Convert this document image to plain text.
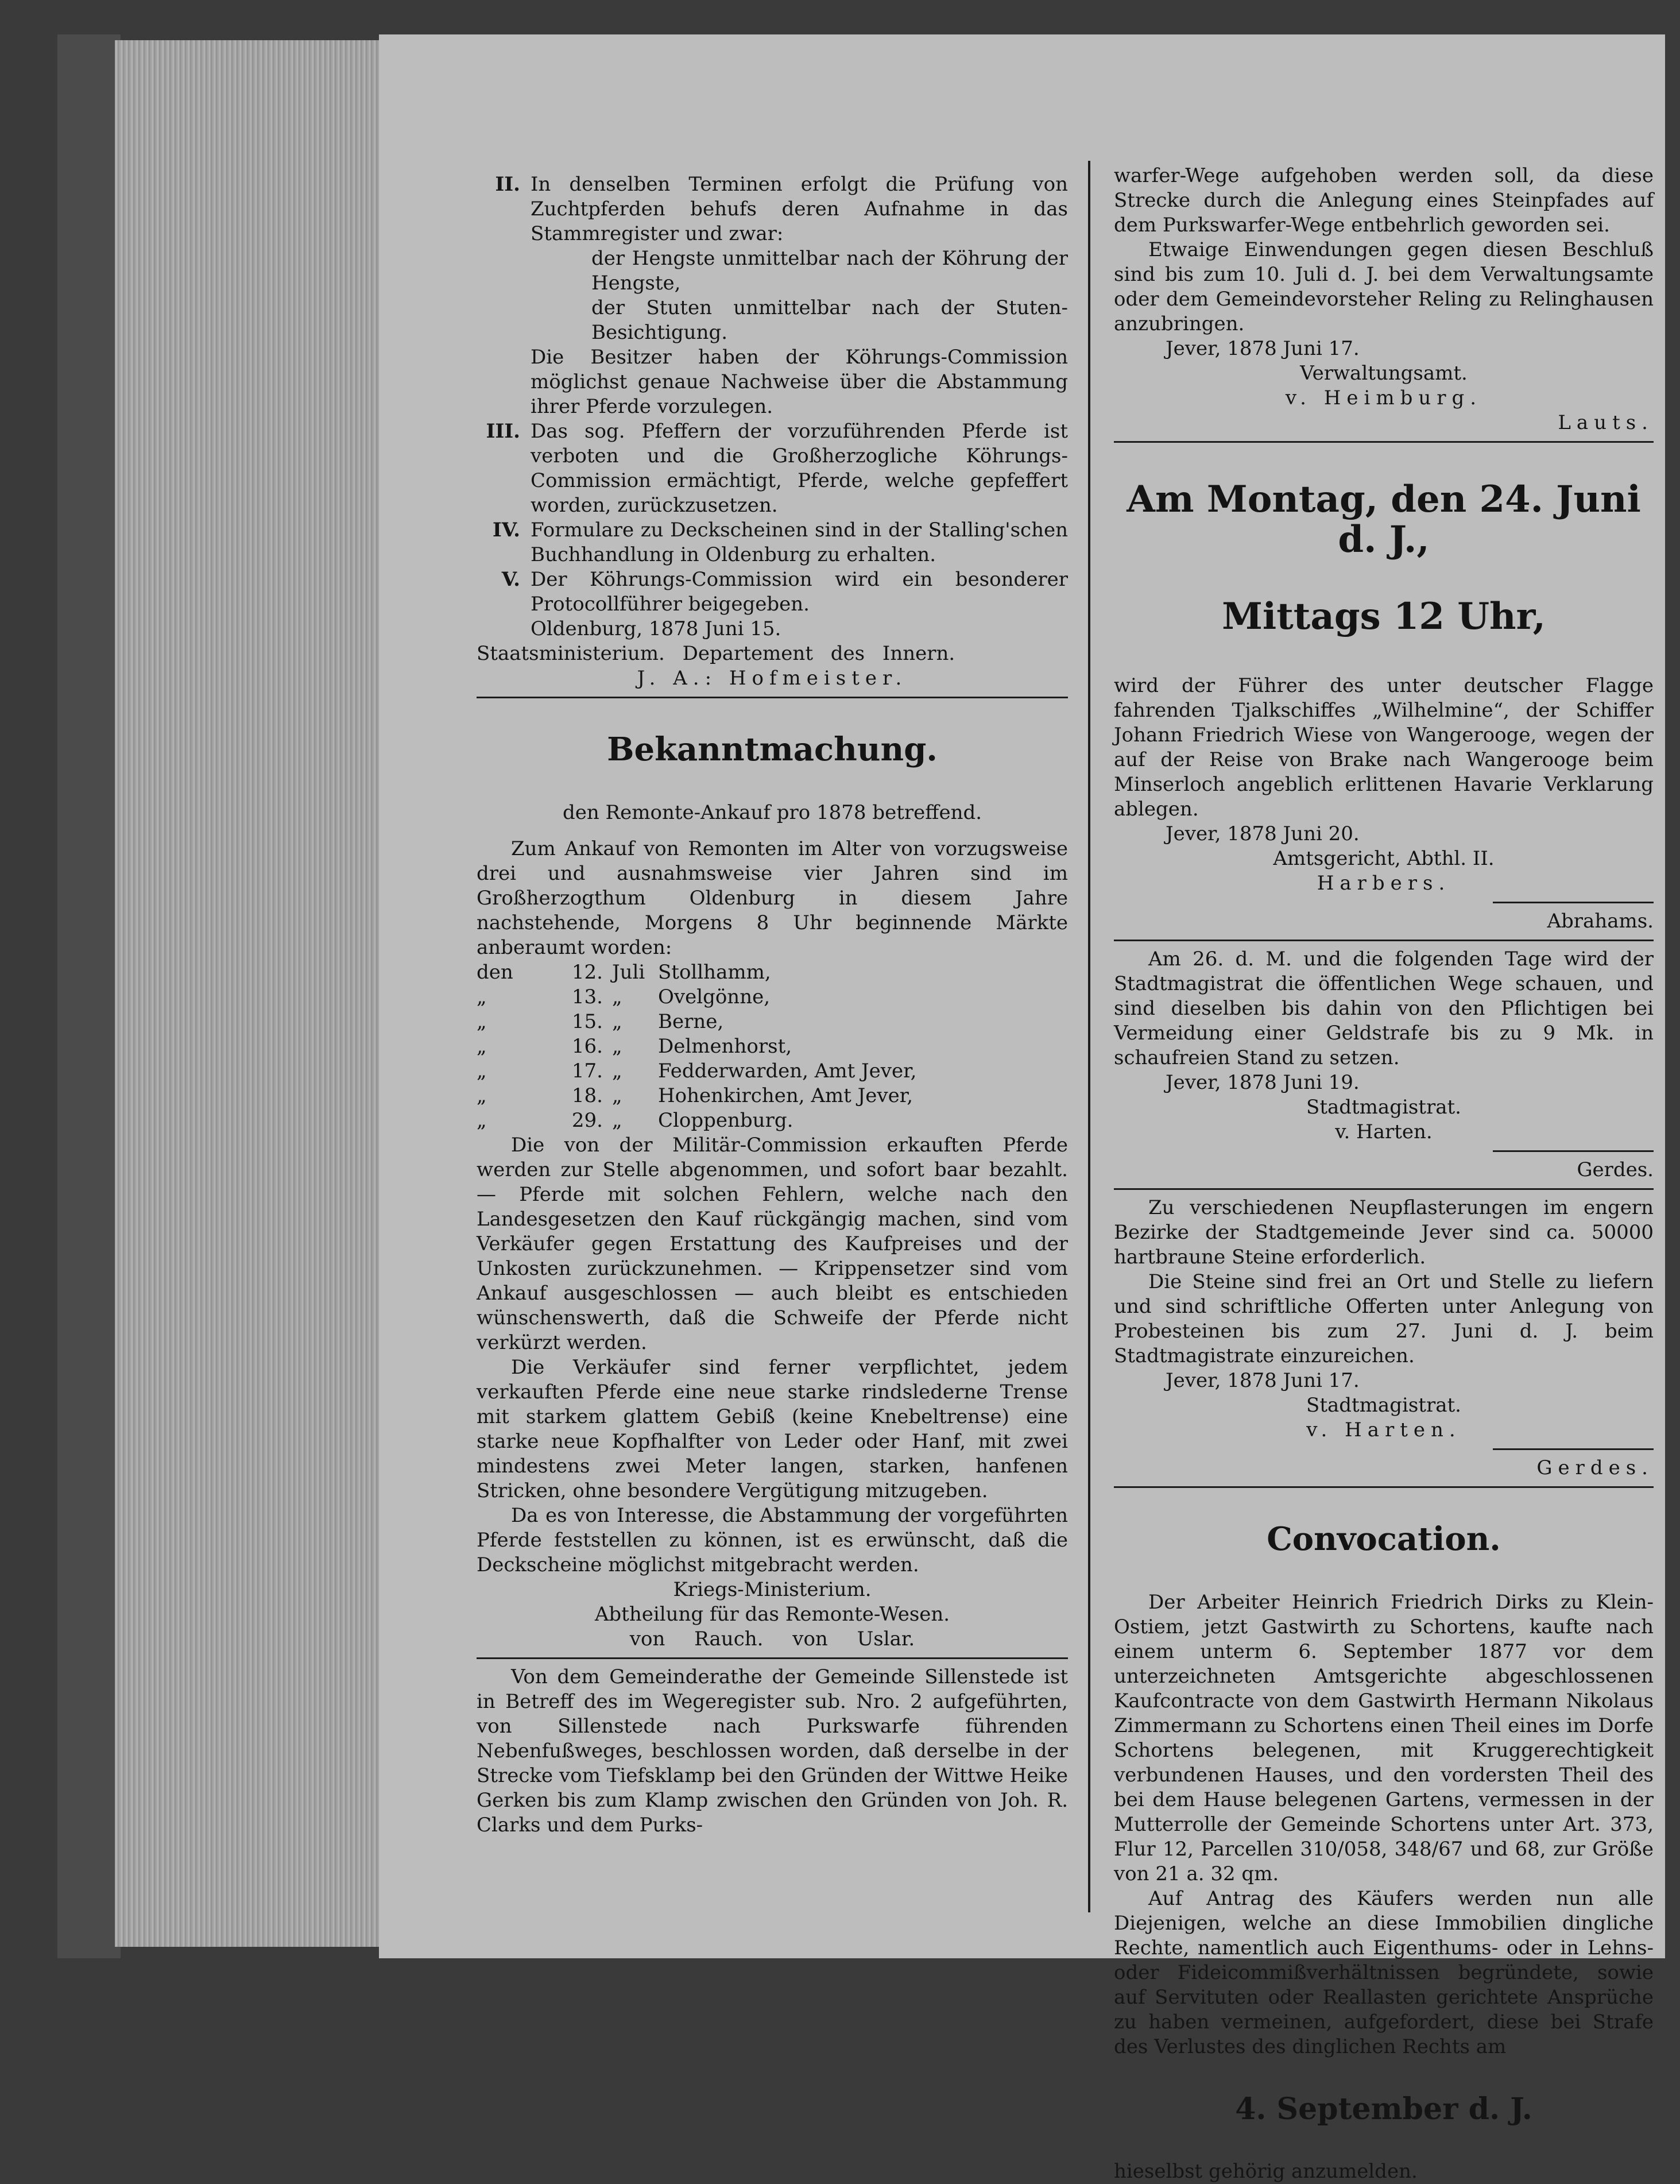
II. In denselben Terminen erfolgt die Prüfung von Zuchtpferden behufs deren Aufnahme in das Stammregister und zwar:

der Hengste unmittelbar nach der Köhrung der Hengste,

der Stuten unmittelbar nach der Stuten-Besichtigung.

Die Besitzer haben der Köhrungs-Commission möglichst genaue Nachweise über die Abstammung ihrer Pferde vorzulegen.

III. Das sog. Pfeffern der vorzuführenden Pferde ist verboten und die Großherzogliche Köhrungs-Commission ermächtigt, Pferde, welche gepfeffert worden, zurückzusetzen.
IV. Formulare zu Deckscheinen sind in der Stalling'schen Buchhandlung in Oldenburg zu erhalten.
V. Der Köhrungs-Commission wird ein besonderer Protocollführer beigegeben.

Oldenburg, 1878 Juni 15.

Staatsministerium. Departement des Innern.

J. A.: Hofmeister.

Bekanntmachung.

den Remonte-Ankauf pro 1878 betreffend.

Zum Ankauf von Remonten im Alter von vorzugsweise drei und ausnahmsweise vier Jahren sind im Großherzogthum Oldenburg in diesem Jahre nachstehende, Morgens 8 Uhr beginnende Märkte anberaumt worden:

den	12. Juli Stollhamm,
„	13. „	Ovelgönne,
„	15. „	Berne,
„	16. „	Delmenhorst,
„	17. „	Fedderwarden, Amt Jever,
„	18. „	Hohenkirchen, Amt Jever,
„	29. „	Cloppenburg.

Die von der Militär-Commission erkauften Pferde werden zur Stelle abgenommen, und sofort baar bezahlt. — Pferde mit solchen Fehlern, welche nach den Landesgesetzen den Kauf rückgängig machen, sind vom Verkäufer gegen Erstattung des Kaufpreises und der Unkosten zurückzunehmen. — Krippensetzer sind vom Ankauf ausgeschlossen — auch bleibt es entschieden wünschenswerth, daß die Schweife der Pferde nicht verkürzt werden.

Die Verkäufer sind ferner verpflichtet, jedem verkauften Pferde eine neue starke rindslederne Trense mit starkem glattem Gebiß (keine Knebeltrense) eine starke neue Kopfhalfter von Leder oder Hanf, mit zwei mindestens zwei Meter langen, starken, hanfenen Stricken, ohne besondere Vergütigung mitzugeben.

Da es von Interesse, die Abstammung der vorgeführten Pferde feststellen zu können, ist es erwünscht, daß die Deckscheine möglichst mitgebracht werden.

Kriegs-Ministerium.

Abtheilung für das Remonte-Wesen.

von Rauch. von Uslar.

Von dem Gemeinderathe der Gemeinde Sillenstede ist in Betreff des im Wegeregister sub. Nro. 2 aufgeführten, von Sillenstede nach Purkswarfe führenden Nebenfußweges, beschlossen worden, daß derselbe in der Strecke vom Tiefsklamp bei den Gründen der Wittwe Heike Gerken bis zum Klamp zwischen den Gründen von Joh. R. Clarks und dem Purks-

warfer-Wege aufgehoben werden soll, da diese Strecke durch die Anlegung eines Steinpfades auf dem Purkswarfer-Wege entbehrlich geworden sei.

Etwaige Einwendungen gegen diesen Beschluß sind bis zum 10. Juli d. J. bei dem Verwaltungsamte oder dem Gemeindevorsteher Reling zu Relinghausen anzubringen.

Jever, 1878 Juni 17.

Verwaltungsamt.

v. Heimburg.

Lauts.

Am Montag, den 24. Juni d. J.,

Mittags 12 Uhr,

wird der Führer des unter deutscher Flagge fahrenden Tjalkschiffes „Wilhelmine“, der Schiffer Johann Friedrich Wiese von Wangerooge, wegen der auf der Reise von Brake nach Wangerooge beim Minserloch angeblich erlittenen Havarie Verklarung ablegen.

Jever, 1878 Juni 20.

Amtsgericht, Abthl. II.

Harbers.

Abrahams.

Am 26. d. M. und die folgenden Tage wird der Stadtmagistrat die öffentlichen Wege schauen, und sind dieselben bis dahin von den Pflichtigen bei Vermeidung einer Geldstrafe bis zu 9 Mk. in schaufreien Stand zu setzen.

Jever, 1878 Juni 19.

Stadtmagistrat.

v. Harten.

Gerdes.

Zu verschiedenen Neupflasterungen im engern Bezirke der Stadtgemeinde Jever sind ca. 50000 hartbraune Steine erforderlich.

Die Steine sind frei an Ort und Stelle zu liefern und sind schriftliche Offerten unter Anlegung von Probesteinen bis zum 27. Juni d. J. beim Stadtmagistrate einzureichen.

Jever, 1878 Juni 17.

Stadtmagistrat.

v. Harten.

Gerdes.

Convocation.

Der Arbeiter Heinrich Friedrich Dirks zu Klein-Ostiem, jetzt Gastwirth zu Schortens, kaufte nach einem unterm 6. September 1877 vor dem unterzeichneten Amtsgerichte abgeschlossenen Kaufcontracte von dem Gastwirth Hermann Nikolaus Zimmermann zu Schortens einen Theil eines im Dorfe Schortens belegenen, mit Kruggerechtigkeit verbundenen Hauses, und den vordersten Theil des bei dem Hause belegenen Gartens, vermessen in der Mutterrolle der Gemeinde Schortens unter Art. 373, Flur 12, Parcellen 310/058, 348/67 und 68, zur Größe von 21 a. 32 qm.

Auf Antrag des Käufers werden nun alle Diejenigen, welche an diese Immobilien dingliche Rechte, namentlich auch Eigenthums- oder in Lehns- oder Fideicommißverhältnissen begründete, sowie auf Servituten oder Reallasten gerichtete Ansprüche zu haben vermeinen, aufgefordert, diese bei Strafe des Verlustes des dinglichen Rechts am

4. September d. J.

hieselbst gehörig anzumelden.
